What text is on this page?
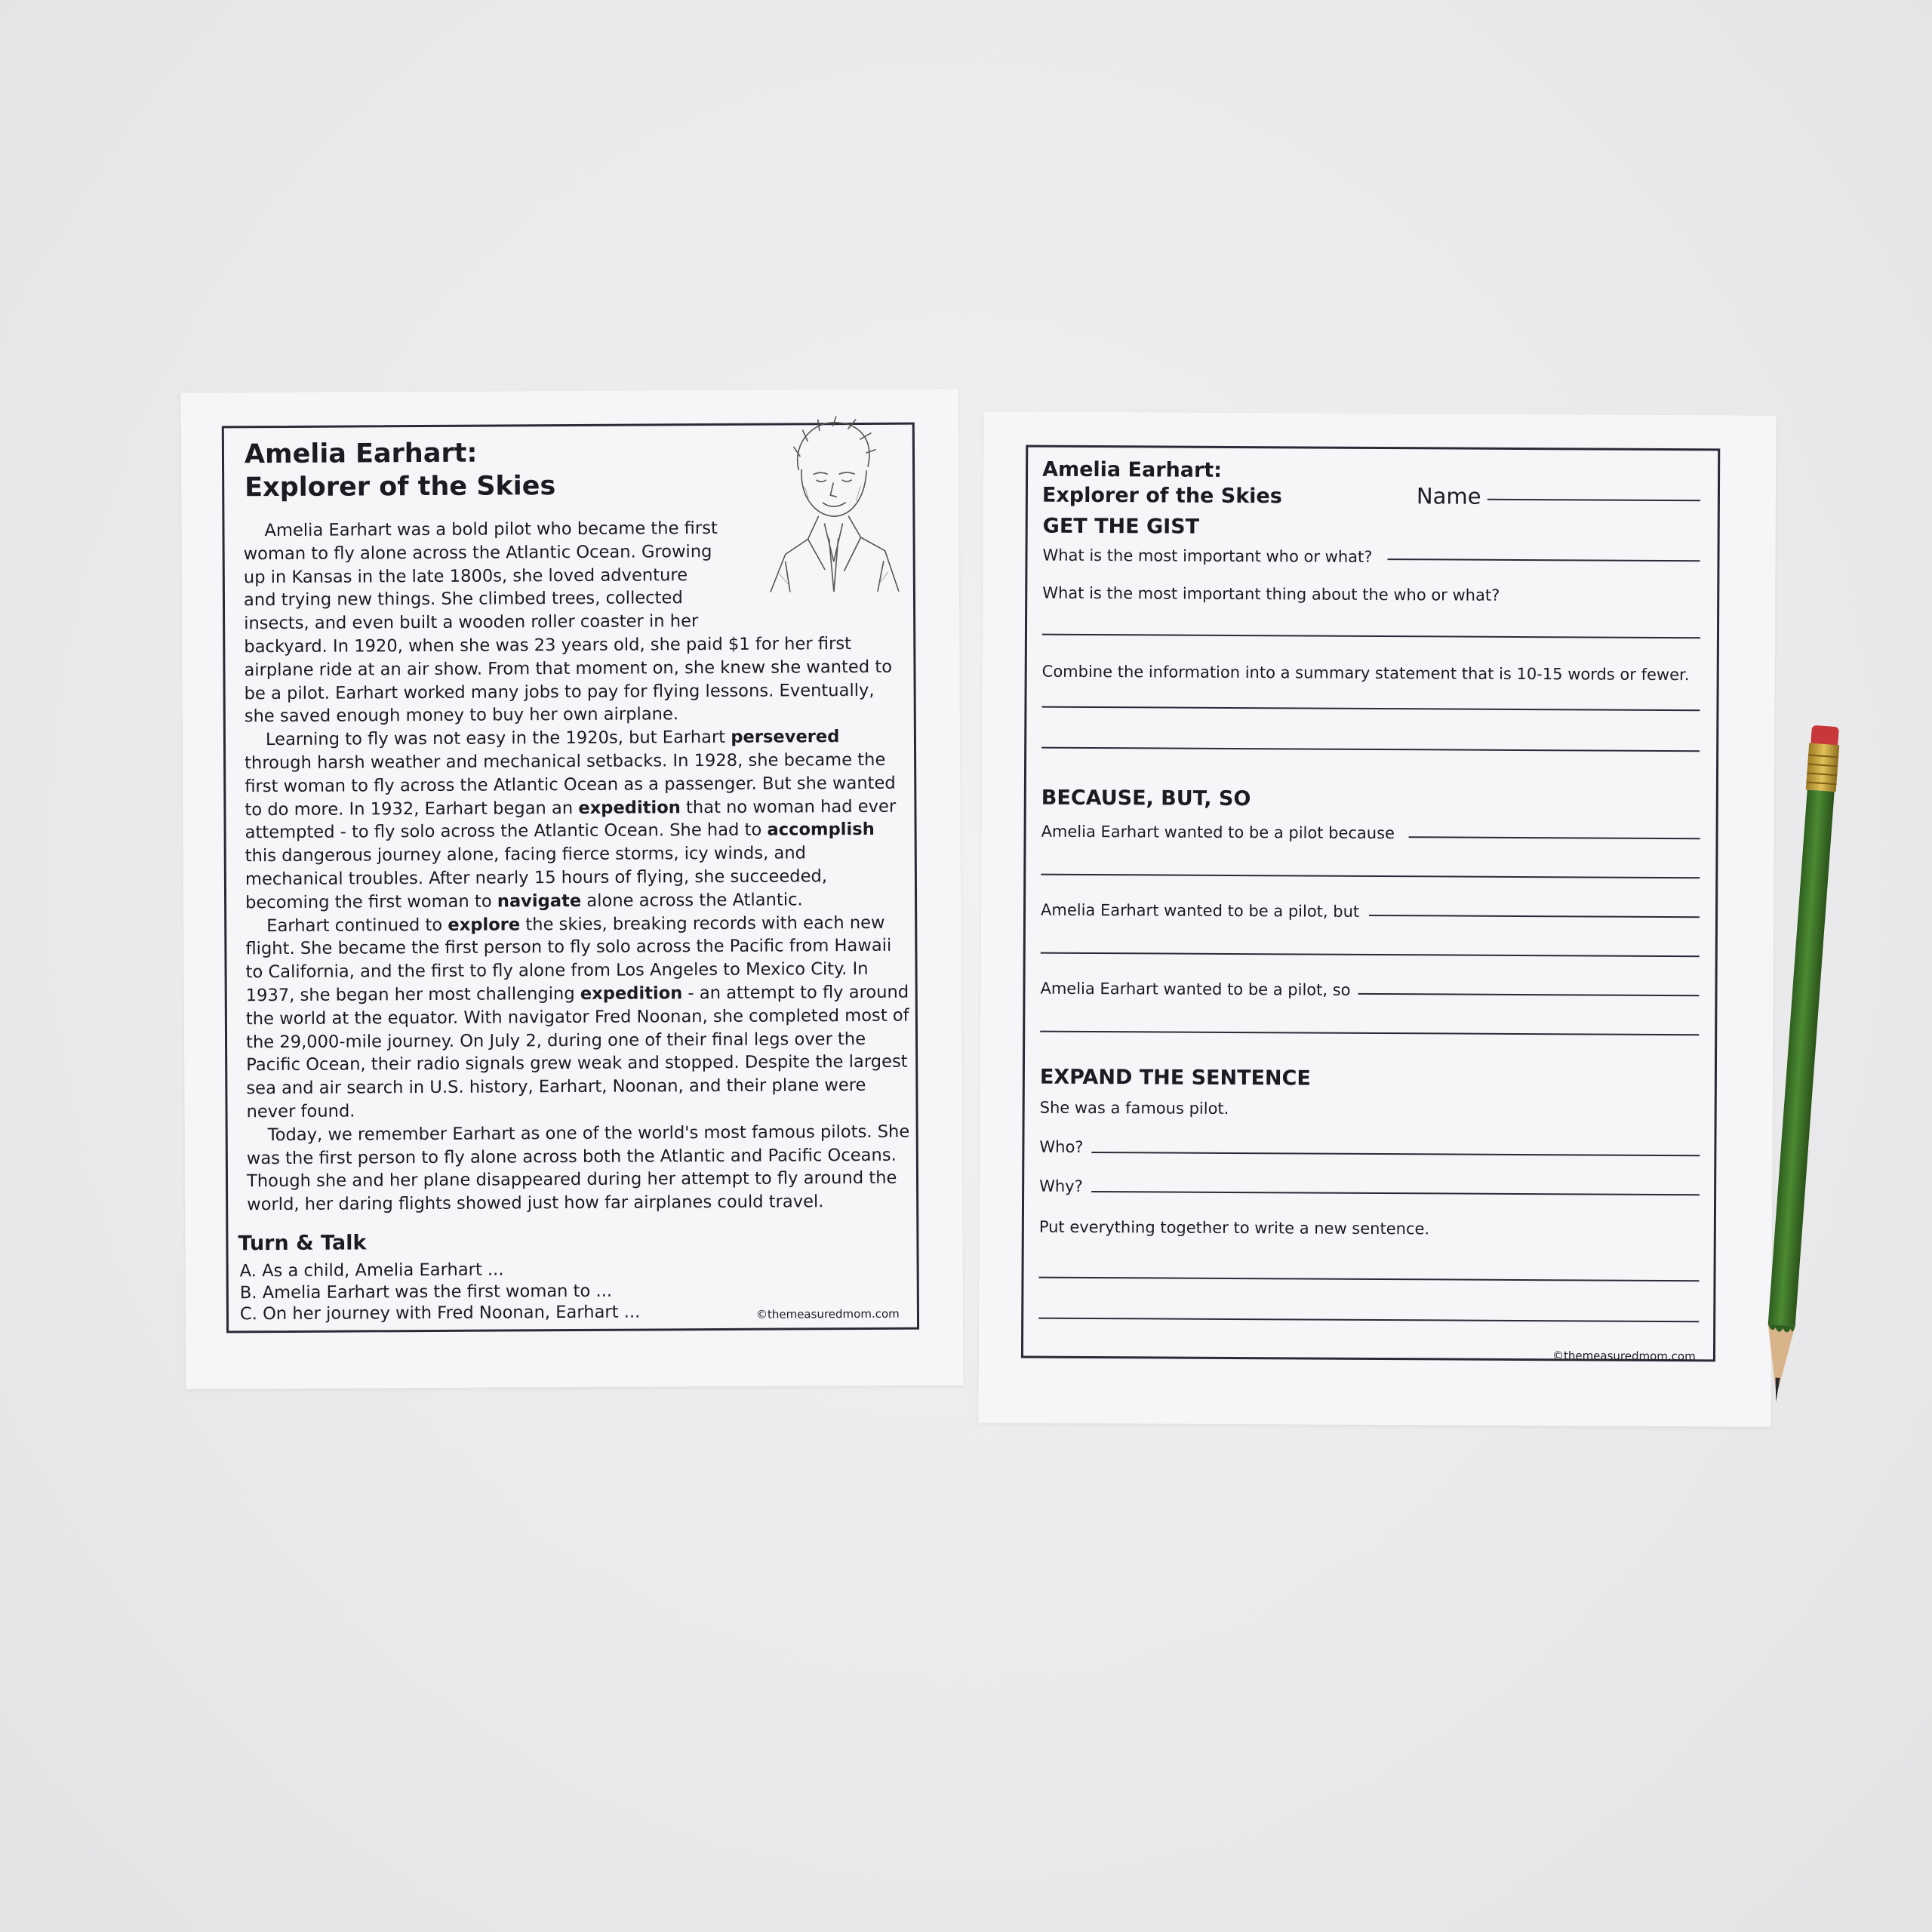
Amelia Earhart:
Explorer of the Skies

Amelia Earhart was a bold pilot who became the first woman to fly alone across the Atlantic Ocean. Growing up in Kansas in the late 1800s, she loved adventure and trying new things. She climbed trees, collected insects, and even built a wooden roller coaster in her backyard. In 1920, when she was 23 years old, she paid $1 for her first airplane ride at an air show. From that moment on, she knew she wanted to be a pilot. Earhart worked many jobs to pay for flying lessons. Eventually, she saved enough money to buy her own airplane.

Learning to fly was not easy in the 1920s, but Earhart persevered through harsh weather and mechanical setbacks. In 1928, she became the first woman to fly across the Atlantic Ocean as a passenger. But she wanted to do more. In 1932, Earhart began an expedition that no woman had ever attempted - to fly solo across the Atlantic Ocean. She had to accomplish this dangerous journey alone, facing fierce storms, icy winds, and mechanical troubles. After nearly 15 hours of flying, she succeeded, becoming the first woman to navigate alone across the Atlantic.

Earhart continued to explore the skies, breaking records with each new flight. She became the first person to fly solo across the Pacific from Hawaii to California, and the first to fly alone from Los Angeles to Mexico City. In 1937, she began her most challenging expedition - an attempt to fly around the world at the equator. With navigator Fred Noonan, she completed most of the 29,000-mile journey. On July 2, during one of their final legs over the Pacific Ocean, their radio signals grew weak and stopped. Despite the largest sea and air search in U.S. history, Earhart, Noonan, and their plane were never found.

Today, we remember Earhart as one of the world's most famous pilots. She was the first person to fly alone across both the Atlantic and Pacific Oceans. Though she and her plane disappeared during her attempt to fly around the world, her daring flights showed just how far airplanes could travel.

Turn & Talk
A. As a child, Amelia Earhart ...
B. Amelia Earhart was the first woman to ...
C. On her journey with Fred Noonan, Earhart ...	©themeasuredmom.com
Amelia Earhart:
Explorer of the Skies	Name
GET THE GIST

What is the most important who or what?

What is the most important thing about the who or what?

Combine the information into a summary statement that is 10-15 words or fewer.

BECAUSE, BUT, SO

Amelia Earhart wanted to be a pilot because

Amelia Earhart wanted to be a pilot, but

Amelia Earhart wanted to be a pilot, so

EXPAND THE SENTENCE

She was a famous pilot.

Who?

Why?

Put everything together to write a new sentence.

©themeasuredmom.com
